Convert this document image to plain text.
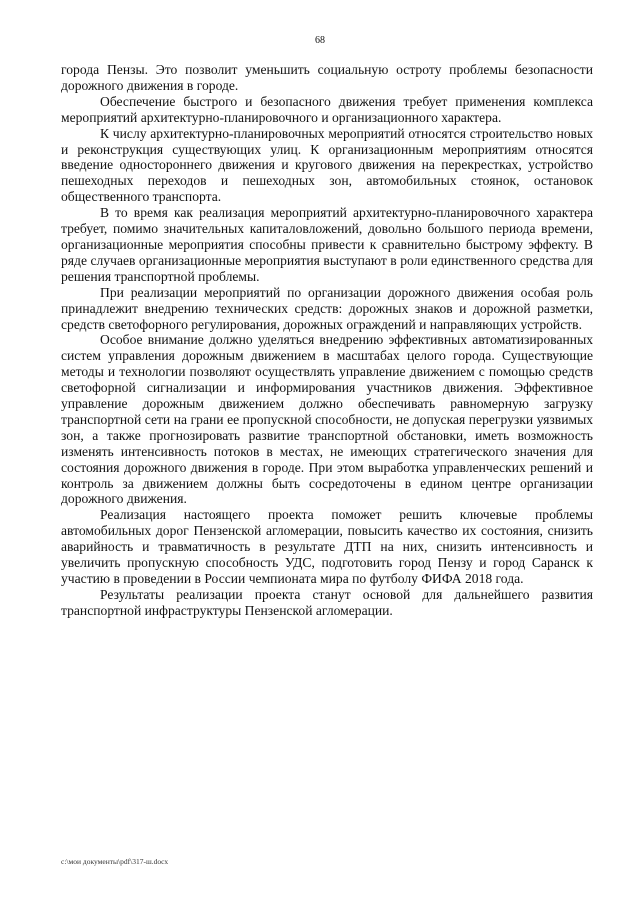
68

города Пензы. Это позволит уменьшить социальную остроту проблемы безопасности дорожного движения в городе.

Обеспечение быстрого и безопасного движения требует применения комплекса мероприятий архитектурно-планировочного и организационного характера.

К числу архитектурно-планировочных мероприятий относятся строительство новых и реконструкция существующих улиц. К организационным мероприятиям относятся введение одностороннего движения и кругового движения на перекрестках, устройство пешеходных переходов и пешеходных зон, автомобильных стоянок, остановок общественного транспорта.

В то время как реализация мероприятий архитектурно-планировочного характера требует, помимо значительных капиталовложений, довольно большого периода времени, организационные мероприятия способны привести к сравнительно быстрому эффекту. В ряде случаев организационные мероприятия выступают в роли единственного средства для решения транспортной проблемы.

При реализации мероприятий по организации дорожного движения особая роль принадлежит внедрению технических средств: дорожных знаков и дорожной разметки, средств светофорного регулирования, дорожных ограждений и направляющих устройств.

Особое внимание должно уделяться внедрению эффективных автоматизированных систем управления дорожным движением в масштабах целого города. Существующие методы и технологии позволяют осуществлять управление движением с помощью средств светофорной сигнализации и информирования участников движения. Эффективное управление дорожным движением должно обеспечивать равномерную загрузку транспортной сети на грани ее пропускной способности, не допуская перегрузки уязвимых зон, а также прогнозировать развитие транспортной обстановки, иметь возможность изменять интенсивность потоков в местах, не имеющих стратегического значения для состояния дорожного движения в городе. При этом выработка управленческих решений и контроль за движением должны быть сосредоточены в едином центре организации дорожного движения.

Реализация настоящего проекта поможет решить ключевые проблемы автомобильных дорог Пензенской агломерации, повысить качество их состояния, снизить аварийность и травматичность в результате ДТП на них, снизить интенсивность и увеличить пропускную способность УДС, подготовить город Пензу и город Саранск к участию в проведении в России чемпионата мира по футболу ФИФА 2018 года.

Результаты реализации проекта станут основой для дальнейшего развития транспортной инфраструктуры Пензенской агломерации.

c:\мои документы\pdf\317-ш.docx
